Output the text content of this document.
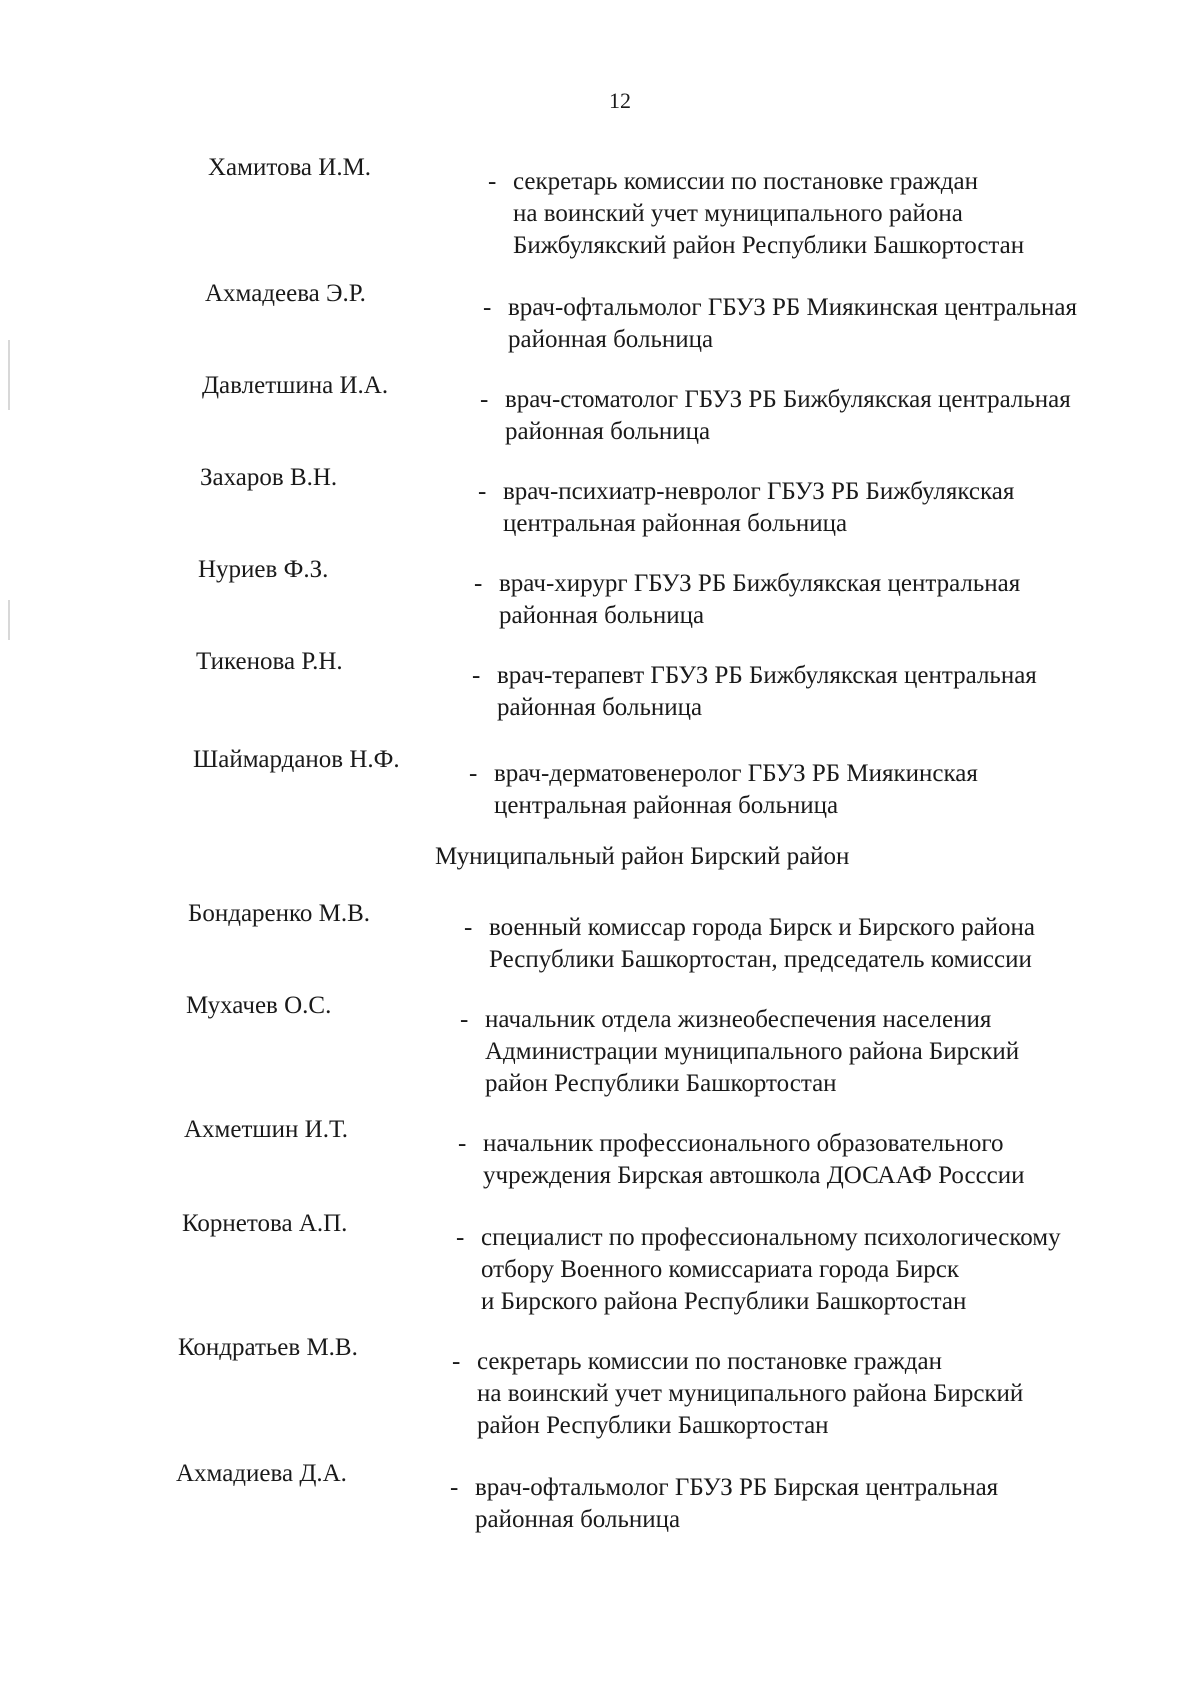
12
Хамитова И.М.
- секретарь комиссии по постановке граждан
на воинский учет муниципального района
Бижбулякский район Республики Башкортостан
Ахмадеева Э.Р.
- врач-офтальмолог ГБУЗ РБ Миякинская центральная
районная больница
Давлетшина И.А.
- врач-стоматолог ГБУЗ РБ Бижбулякская центральная
районная больница
Захаров В.Н.
- врач-психиатр-невролог ГБУЗ РБ Бижбулякская
центральная районная больница
Нуриев Ф.З.
- врач-хирург ГБУЗ РБ Бижбулякская центральная
районная больница
Тикенова Р.Н.
- врач-терапевт ГБУЗ РБ Бижбулякская центральная
районная больница
Шаймарданов Н.Ф.
- врач-дерматовенеролог ГБУЗ РБ Миякинская
центральная районная больница
Муниципальный район Бирский район
Бондаренко М.В.
- военный комиссар города Бирск и Бирского района
Республики Башкортостан, председатель комиссии
Мухачев О.С.
- начальник отдела жизнеобеспечения населения
Администрации муниципального района Бирский
район Республики Башкортостан
Ахметшин И.Т.
- начальник профессионального образовательного
учреждения Бирская автошкола ДОСААФ Росссии
Корнетова А.П.
- специалист по профессиональному психологическому
отбору Военного комиссариата города Бирск
и Бирского района Республики Башкортостан
Кондратьев М.В.
- секретарь комиссии по постановке граждан
на воинский учет муниципального района Бирский
район Республики Башкортостан
Ахмадиева Д.А.
- врач-офтальмолог ГБУЗ РБ Бирская центральная
районная больница
